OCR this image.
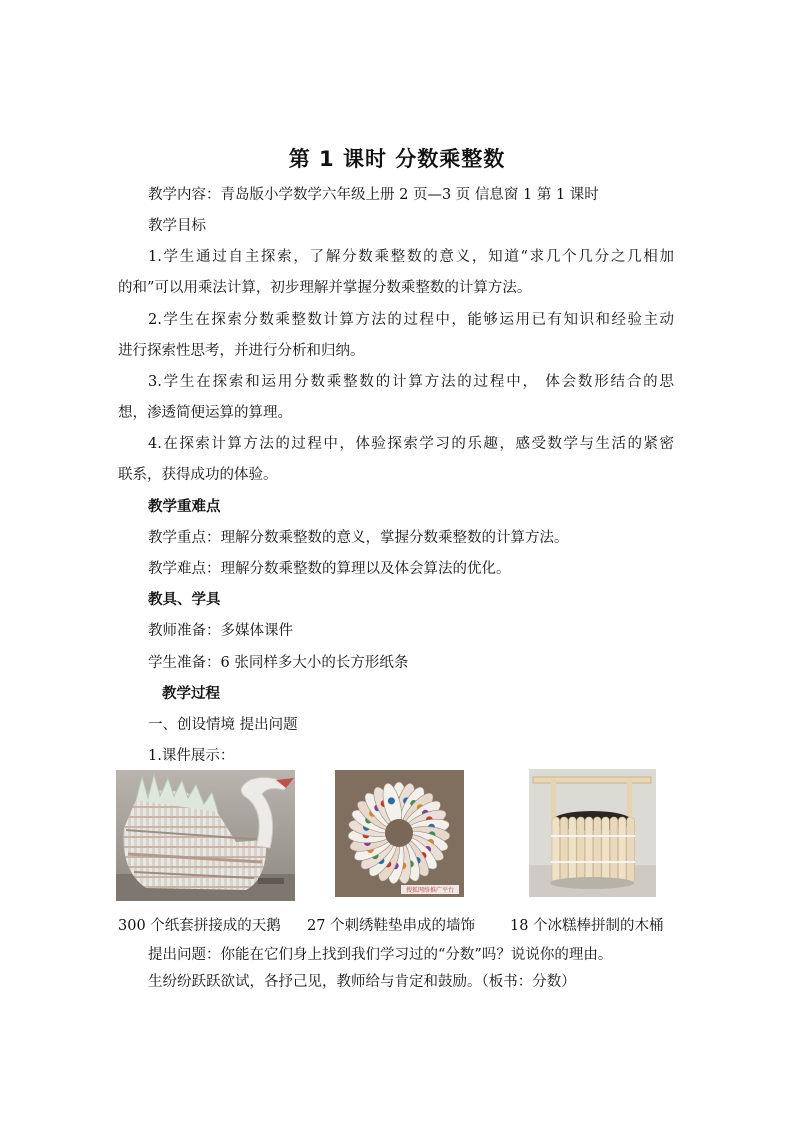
第 1 课时 分数乘整数
教学内容：青岛版小学数学六年级上册 2 页—3 页 信息窗 1 第 1 课时
教学目标
1.学生通过自主探索，了解分数乘整数的意义，知道“求几个几分之几相加
的和”可以用乘法计算，初步理解并掌握分数乘整数的计算方法。
2.学生在探索分数乘整数计算方法的过程中，能够运用已有知识和经验主动
进行探索性思考，并进行分析和归纳。
3.学生在探索和运用分数乘整数的计算方法的过程中， 体会数形结合的思
想，渗透简便运算的算理。
4.在探索计算方法的过程中，体验探索学习的乐趣，感受数学与生活的紧密
联系，获得成功的体验。
教学重难点
教学重点：理解分数乘整数的意义，掌握分数乘整数的计算方法。
教学难点：理解分数乘整数的算理以及体会算法的优化。
教具、学具
教师准备：多媒体课件
学生准备：6 张同样多大小的长方形纸条
教学过程
一、创设情境 提出问题
1.课件展示：
搜狐网络推广平台
300 个纸套拼接成的天鹅 27 个刺绣鞋垫串成的墙饰 18 个冰糕棒拼制的木桶
提出问题：你能在它们身上找到我们学习过的“分数”吗？说说你的理由。
生纷纷跃跃欲试，各抒己见，教师给与肯定和鼓励。（板书：分数）
